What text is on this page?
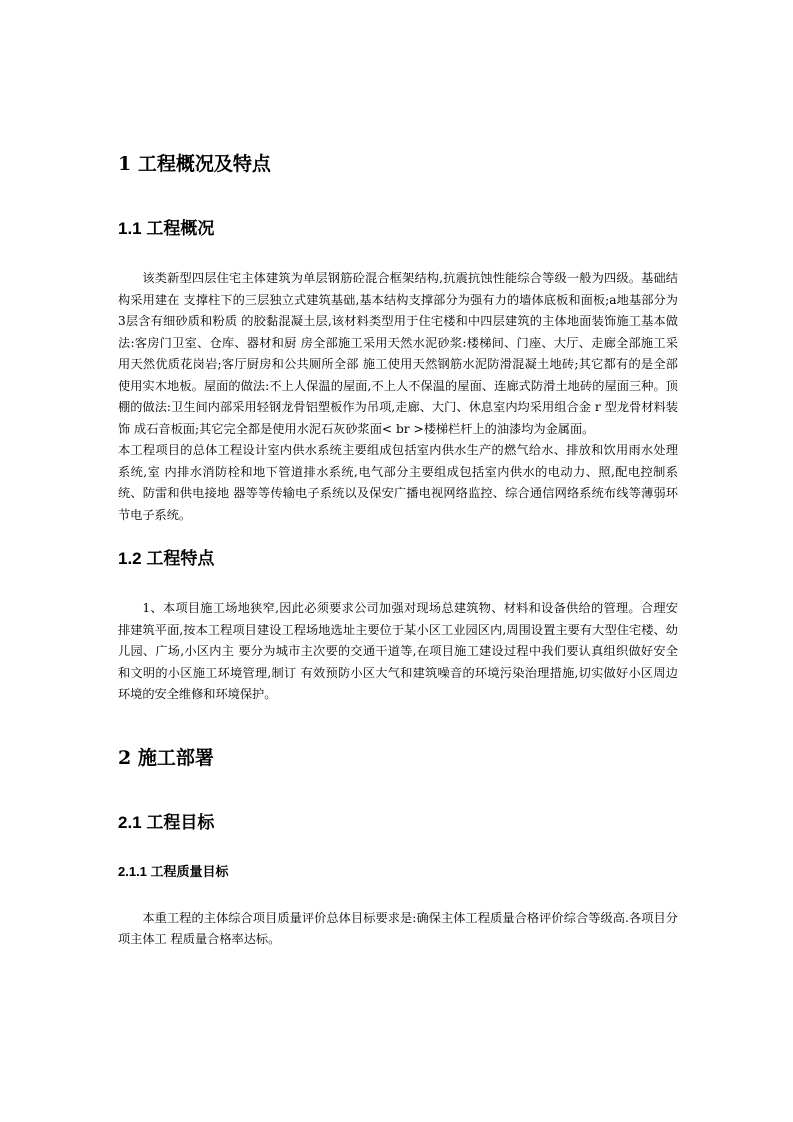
1 工程概况及特点
1.1 工程概况

该类新型四层住宅主体建筑为单层钢筋砼混合框架结构,抗震抗蚀性能综合等级一般为四级。基础结构采用建在 支撑柱下的三层独立式建筑基础,基本结构支撑部分为强有力的墙体底板和面板;a地基部分为3层含有细砂质和粉质 的胶黏混凝土层,该材料类型用于住宅楼和中四层建筑的主体地面装饰施工基本做法:客房门卫室、仓库、器材和厨 房全部施工采用天然水泥砂浆:楼梯间、门座、大厅、走廊全部施工采用天然优质花岗岩;客厅厨房和公共厕所全部 施工使用天然钢筋水泥防滑混凝土地砖;其它都有的是全部使用实木地板。屋面的做法:不上人保温的屋面,不上人不保温的屋面、连廊式防滑土地砖的屋面三种。顶棚的做法:卫生间内部采用轻钢龙骨铝塑板作为吊项,走廊、大门、休息室内均采用组合金 r 型龙骨材料装饰 成石音板面;其它完全都是使用水泥石灰砂浆面< br >楼梯栏杆上的油漆均为金属面。

本工程项目的总体工程设计室内供水系统主要组成包括室内供水生产的燃气给水、排放和饮用雨水处理系统,室 内排水消防栓和地下管道排水系统,电气部分主要组成包括室内供水的电动力、照,配电控制系统、防雷和供电接地 器等等传输电子系统以及保安广播电视网络监控、综合通信网络系统布线等薄弱环节电子系统。

1.2 工程特点

1、本项目施工场地狭窄,因此必须要求公司加强对现场总建筑物、材料和设备供给的管理。合理安排建筑平面,按本工程项目建设工程场地选址主要位于某小区工业园区内,周围设置主要有大型住宅楼、幼儿园、广场,小区内主 要分为城市主次要的交通干道等,在项目施工建设过程中我们要认真组织做好安全和文明的小区施工环境管理,制订 有效预防小区大气和建筑噪音的环境污染治理措施,切实做好小区周边环境的安全维修和环境保护。

2 施工部署
2.1 工程目标
2.1.1 工程质量目标

本重工程的主体综合项目质量评价总体目标要求是:确保主体工程质量合格评价综合等级高.各项目分项主体工 程质量合格率达标。
